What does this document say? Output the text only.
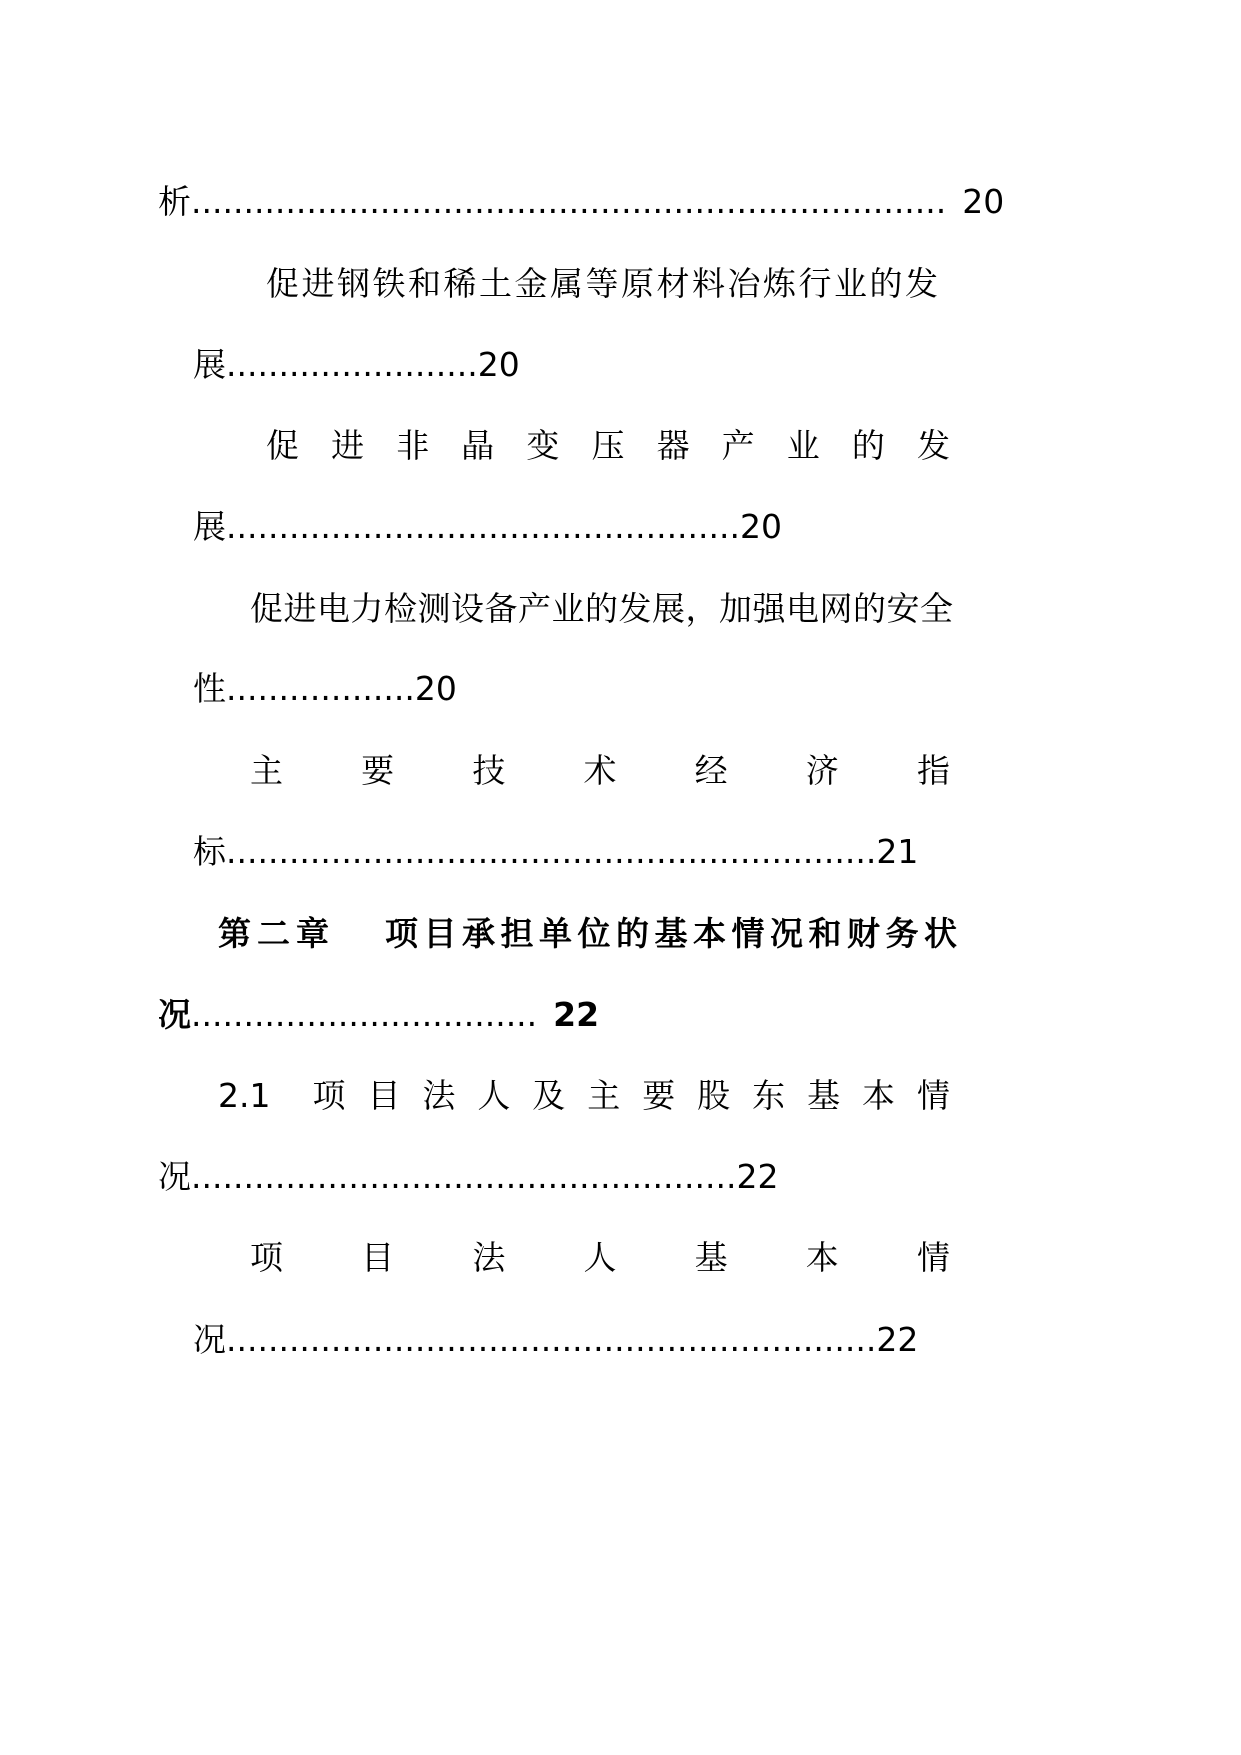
析........................................................................ 20
促进钢铁和稀土金属等原材料冶炼行业的发
展........................20
促 进 非 晶 变 压 器 产 业 的 发
展.................................................20
促进电力检测设备产业的发展，加强电网的安全
性..................20
主 要 技 术 经 济 指
标..............................................................21
第二章 项目承担单位的基本情况和财务状
况................................. 22
2.1 项 目 法 人 及 主 要 股 东 基 本 情
况....................................................22
项 目 法 人 基 本 情
况..............................................................22
